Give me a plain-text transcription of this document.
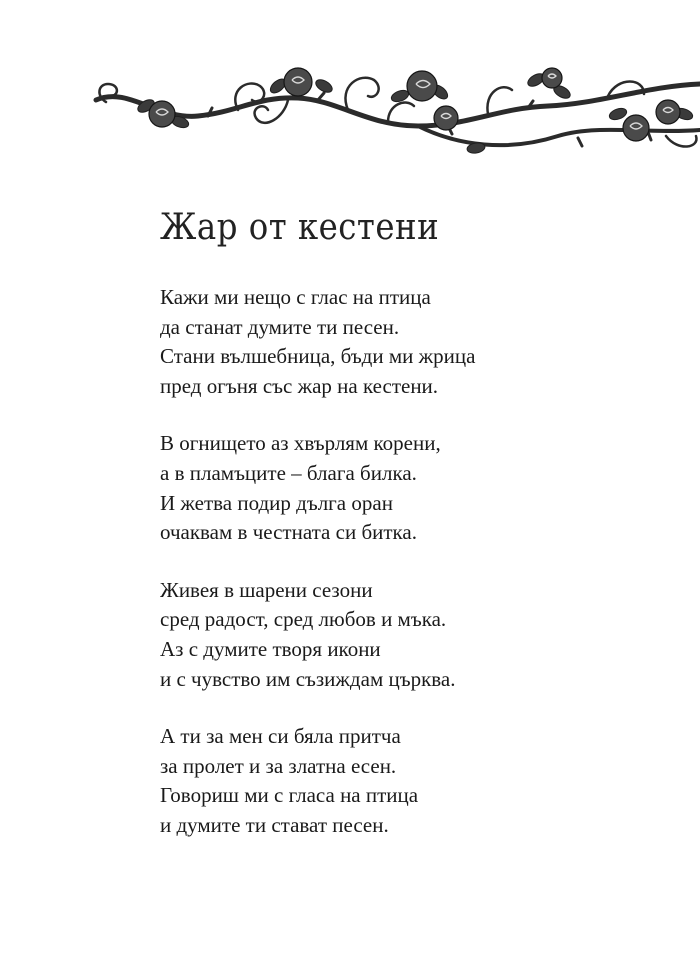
Жар от кестени
Кажи ми нещо с глас на птица
да станат думите ти песен.
Стани вълшебница, бъди ми жрица
пред огъня със жар на кестени.
В огнището аз хвърлям корени,
а в пламъците – блага билка.
И жетва подир дълга оран
очаквам в честната си битка.
Живея в шарени сезони
сред радост, сред любов и мъка.
Аз с думите творя икони
и с чувство им съзиждам църква.
А ти за мен си бяла притча
за пролет и за златна есен.
Говориш ми с гласа на птица
и думите ти стават песен.
